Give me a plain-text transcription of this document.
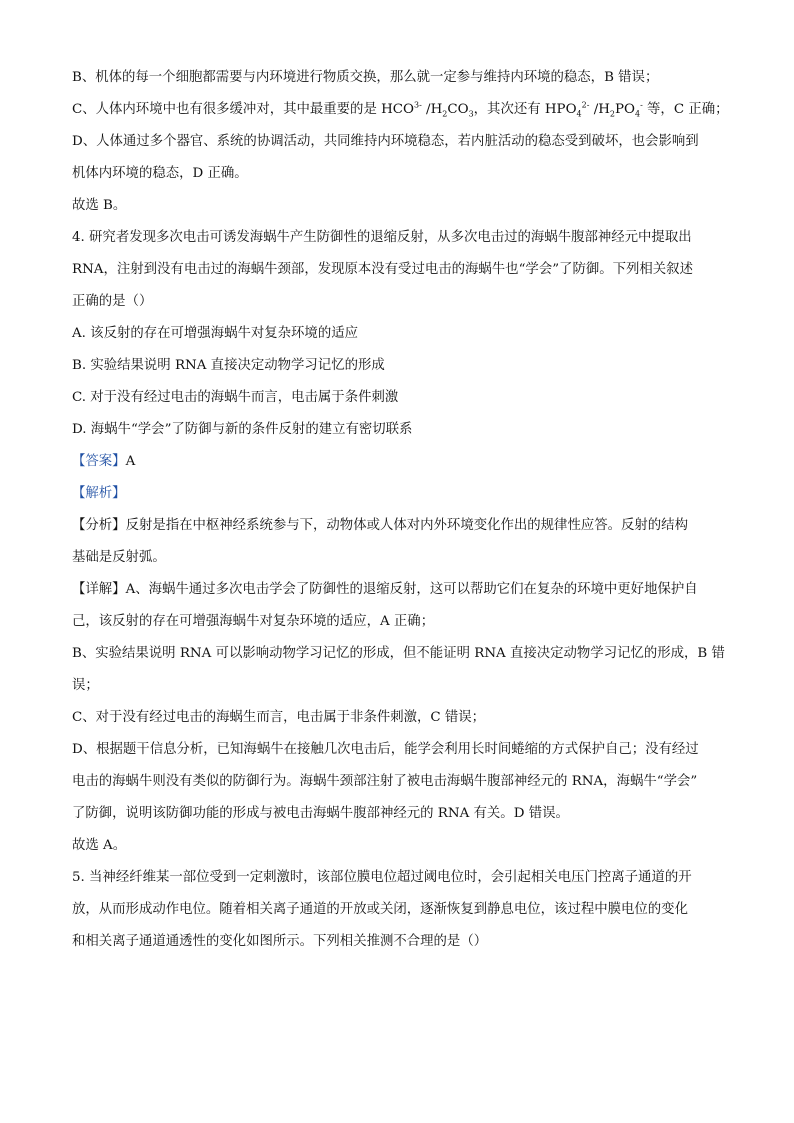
B、机体的每一个细胞都需要与内环境进行物质交换，那么就一定参与维持内环境的稳态，B 错误；
C、人体内环境中也有很多缓冲对，其中最重要的是 $HCO^{3-}$ $/H_2CO_3$，其次还有 $HPO_4^{2-}$ $/H_2PO_4^-$ 等，C 正确；
D、人体通过多个器官、系统的协调活动，共同维持内环境稳态，若内脏活动的稳态受到破坏，也会影响到
机体内环境的稳态，D 正确。
故选 B。
4. 研究者发现多次电击可诱发海蜗牛产生防御性的退缩反射，从多次电击过的海蜗牛腹部神经元中提取出
RNA，注射到没有电击过的海蜗牛颈部，发现原本没有受过电击的海蜗牛也“学会”了防御。下列相关叙述
正确的是（）
A. 该反射的存在可增强海蜗牛对复杂环境的适应
B. 实验结果说明 RNA 直接决定动物学习记忆的形成
C. 对于没有经过电击的海蜗牛而言，电击属于条件刺激
D. 海蜗牛“学会”了防御与新的条件反射的建立有密切联系
【答案】A
【解析】
【分析】反射是指在中枢神经系统参与下，动物体或人体对内外环境变化作出的规律性应答。反射的结构
基础是反射弧。
【详解】A、海蜗牛通过多次电击学会了防御性的退缩反射，这可以帮助它们在复杂的环境中更好地保护自
己，该反射的存在可增强海蜗牛对复杂环境的适应，A 正确；
B、实验结果说明 RNA 可以影响动物学习记忆的形成，但不能证明 RNA 直接决定动物学习记忆的形成，B 错
误；
C、对于没有经过电击的海蜗生而言，电击属于非条件刺激，C 错误；
D、根据题干信息分析，已知海蜗牛在接触几次电击后，能学会利用长时间蜷缩的方式保护自己；没有经过
电击的海蜗牛则没有类似的防御行为。海蜗牛颈部注射了被电击海蜗牛腹部神经元的 RNA，海蜗牛“学会”
了防御，说明该防御功能的形成与被电击海蜗牛腹部神经元的 RNA 有关。D 错误。
故选 A。
5. 当神经纤维某一部位受到一定刺激时，该部位膜电位超过阈电位时，会引起相关电压门控离子通道的开
放，从而形成动作电位。随着相关离子通道的开放或关闭，逐渐恢复到静息电位，该过程中膜电位的变化
和相关离子通道通透性的变化如图所示。下列相关推测不合理的是（）
